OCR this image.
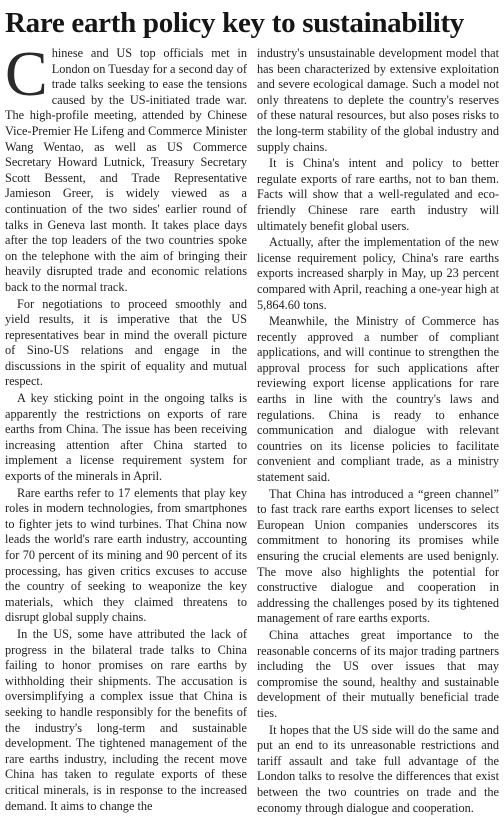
Rare earth policy key to sustainability

Chinese and US top officials met in London on Tuesday for a second day of trade talks seeking to ease the tensions caused by the US-initiated trade war. The high-profile meeting, attended by Chinese Vice-Premier He Lifeng and Commerce Minister Wang Wentao, as well as US Commerce Secretary Howard Lutnick, Treasury Secretary Scott Bessent, and Trade Representative Jamieson Greer, is widely viewed as a continuation of the two sides' earlier round of talks in Geneva last month. It takes place days after the top leaders of the two countries spoke on the telephone with the aim of bringing their heavily disrupted trade and economic relations back to the normal track.

For negotiations to proceed smoothly and yield results, it is imperative that the US representatives bear in mind the overall picture of Sino-US relations and engage in the discussions in the spirit of equality and mutual respect.

A key sticking point in the ongoing talks is apparently the restrictions on exports of rare earths from China. The issue has been receiving increasing attention after China started to implement a license requirement system for exports of the minerals in April.

Rare earths refer to 17 elements that play key roles in modern technologies, from smartphones to fighter jets to wind turbines. That China now leads the world's rare earth industry, accounting for 70 percent of its mining and 90 percent of its processing, has given critics excuses to accuse the country of seeking to weaponize the key materials, which they claimed threatens to disrupt global supply chains.

In the US, some have attributed the lack of progress in the bilateral trade talks to China failing to honor promises on rare earths by withholding their shipments. The accusation is oversimplifying a complex issue that China is seeking to handle responsibly for the benefits of the industry's long-term and sustainable development. The tightened management of the rare earths industry, including the recent move China has taken to regulate exports of these critical minerals, is in response to the increased demand. It aims to change the

industry's unsustainable development model that has been characterized by extensive exploitation and severe ecological damage. Such a model not only threatens to deplete the country's reserves of these natural resources, but also poses risks to the long-term stability of the global industry and supply chains.

It is China's intent and policy to better regulate exports of rare earths, not to ban them. Facts will show that a well-regulated and eco-friendly Chinese rare earth industry will ultimately benefit global users.

Actually, after the implementation of the new license requirement policy, China's rare earths exports increased sharply in May, up 23 percent compared with April, reaching a one-year high at 5,864.60 tons.

Meanwhile, the Ministry of Commerce has recently approved a number of compliant applications, and will continue to strengthen the approval process for such applications after reviewing export license applications for rare earths in line with the country's laws and regulations. China is ready to enhance communication and dialogue with relevant countries on its license policies to facilitate convenient and compliant trade, as a ministry statement said.

That China has introduced a “green channel” to fast track rare earths export licenses to select European Union companies underscores its commitment to honoring its promises while ensuring the crucial elements are used benignly. The move also highlights the potential for constructive dialogue and cooperation in addressing the challenges posed by its tightened management of rare earths exports.

China attaches great importance to the reasonable concerns of its major trading partners including the US over issues that may compromise the sound, healthy and sustainable development of their mutually beneficial trade ties.

It hopes that the US side will do the same and put an end to its unreasonable restrictions and tariff assault and take full advantage of the London talks to resolve the differences that exist between the two countries on trade and the economy through dialogue and cooperation.
